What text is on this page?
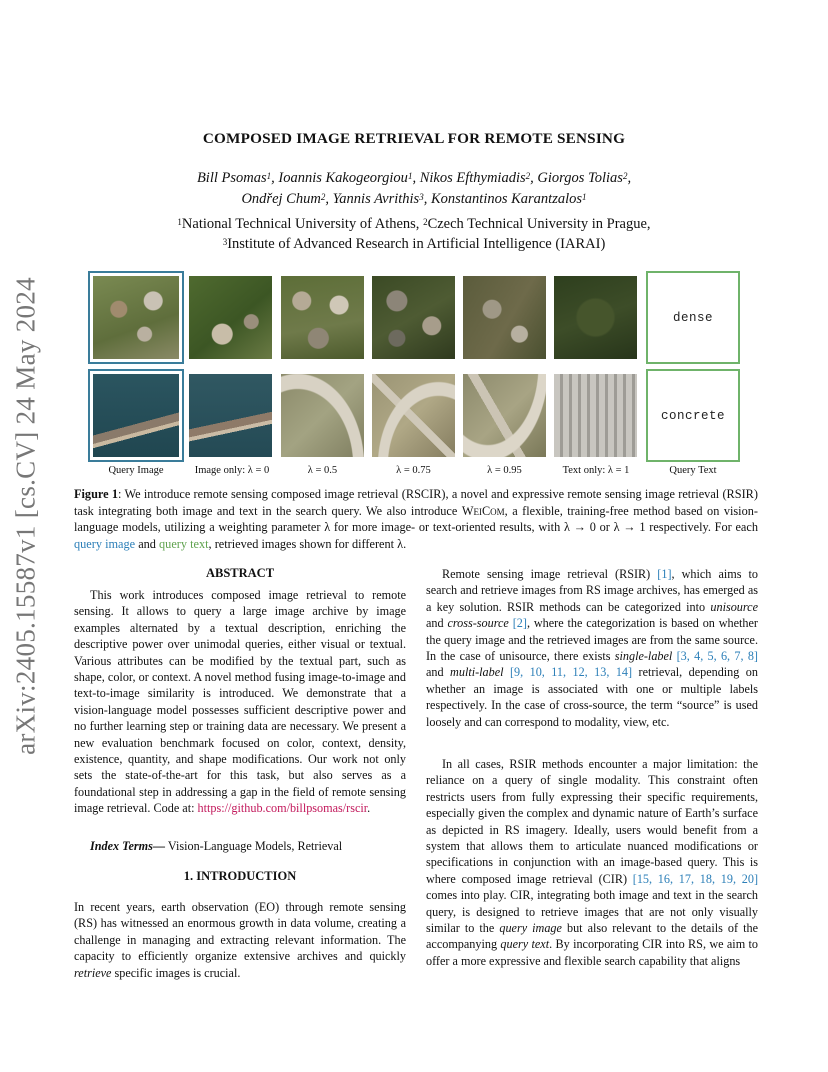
COMPOSED IMAGE RETRIEVAL FOR REMOTE SENSING
Bill Psomas$^1$, Ioannis Kakogeorgiou$^1$, Nikos Efthymiadis$^2$, Giorgos Tolias$^2$,
Ondřej Chum$^2$, Yannis Avrithis$^3$, Konstantinos Karantzalos$^1$
$^1$National Technical University of Athens, $^2$Czech Technical University in Prague,
$^3$Institute of Advanced Research in Artificial Intelligence (IARAI)
arXiv:2405.15587v1 [cs.CV] 24 May 2024	dense
concrete
Query Image	Image only: λ = 0	λ = 0.5	λ = 0.75	λ = 0.95	Text only: λ = 1	Query Text
Figure 1: We introduce remote sensing composed image retrieval (RSCIR), a novel and expressive remote sensing image retrieval (RSIR) task integrating both image and text in the search query. We also introduce WeiCom, a flexible, training-free method based on vision-language models, utilizing a weighting parameter λ for more image- or text-oriented results, with λ → 0 or λ → 1 respectively. For each query image and query text, retrieved images shown for different λ.
ABSTRACT

This work introduces composed image retrieval to remote sensing. It allows to query a large image archive by image examples alternated by a textual description, enriching the descriptive power over unimodal queries, either visual or textual. Various attributes can be modified by the textual part, such as shape, color, or context. A novel method fusing image-to-image and text-to-image similarity is introduced. We demonstrate that a vision-language model possesses sufficient descriptive power and no further learning step or training data are necessary. We present a new evaluation benchmark focused on color, context, density, existence, quantity, and shape modifications. Our work not only sets the state-of-the-art for this task, but also serves as a foundational step in addressing a gap in the field of remote sensing image retrieval. Code at: https://github.com/billpsomas/rscir.

Index Terms— Vision-Language Models, Retrieval

1. INTRODUCTION

In recent years, earth observation (EO) through remote sensing (RS) has witnessed an enormous growth in data volume, creating a challenge in managing and extracting relevant information. The capacity to efficiently organize extensive archives and quickly retrieve specific images is crucial.

Remote sensing image retrieval (RSIR) [1], which aims to search and retrieve images from RS image archives, has emerged as a key solution. RSIR methods can be categorized into unisource and cross-source [2], where the categorization is based on whether the query image and the retrieved images are from the same source. In the case of unisource, there exists single-label [3, 4, 5, 6, 7, 8] and multi-label [9, 10, 11, 12, 13, 14] retrieval, depending on whether an image is associated with one or multiple labels respectively. In the case of cross-source, the term “source” is used loosely and can correspond to modality, view, etc.

In all cases, RSIR methods encounter a major limitation: the reliance on a query of single modality. This constraint often restricts users from fully expressing their specific requirements, especially given the complex and dynamic nature of Earth’s surface as depicted in RS imagery. Ideally, users would benefit from a system that allows them to articulate nuanced modifications or specifications in conjunction with an image-based query. This is where composed image retrieval (CIR) [15, 16, 17, 18, 19, 20] comes into play. CIR, integrating both image and text in the search query, is designed to retrieve images that are not only visually similar to the query image but also relevant to the details of the accompanying query text. By incorporating CIR into RS, we aim to offer a more expressive and flexible search capability that aligns
